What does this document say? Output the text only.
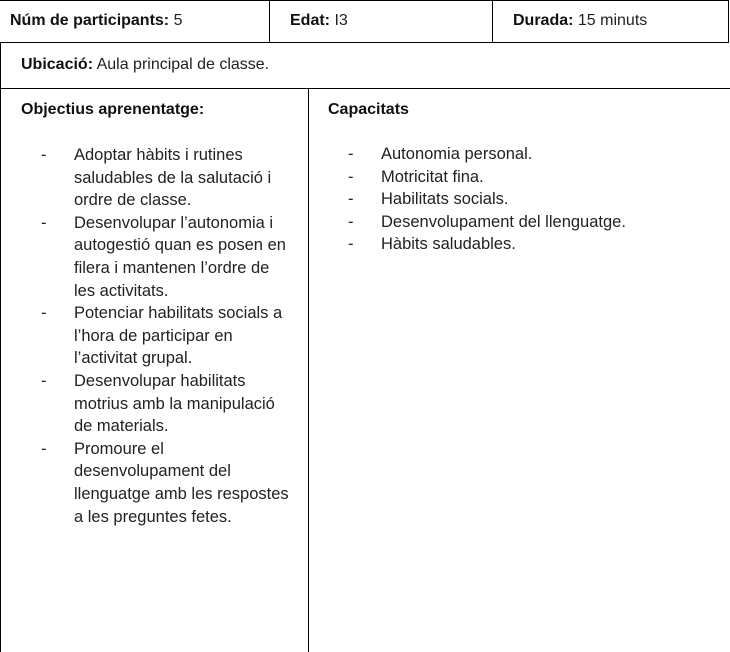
Núm de participants: 5	Edat: I3	Durada: 15 minuts
Ubicació: Aula principal de classe.
Objectius aprenentatge:
- Adoptar hàbits i rutines saludables de la salutació i ordre de classe.
- Desenvolupar l’autonomia i autogestió quan es posen en filera i mantenen l’ordre de les activitats.
- Potenciar habilitats socials a l’hora de participar en l’activitat grupal.
- Desenvolupar habilitats motrius amb la manipulació de materials.
- Promoure el desenvolupament del llenguatge amb les respostes a les preguntes fetes.
Capacitats
- Autonomia personal.
- Motricitat fina.
- Habilitats socials.
- Desenvolupament del llenguatge.
- Hàbits saludables.
